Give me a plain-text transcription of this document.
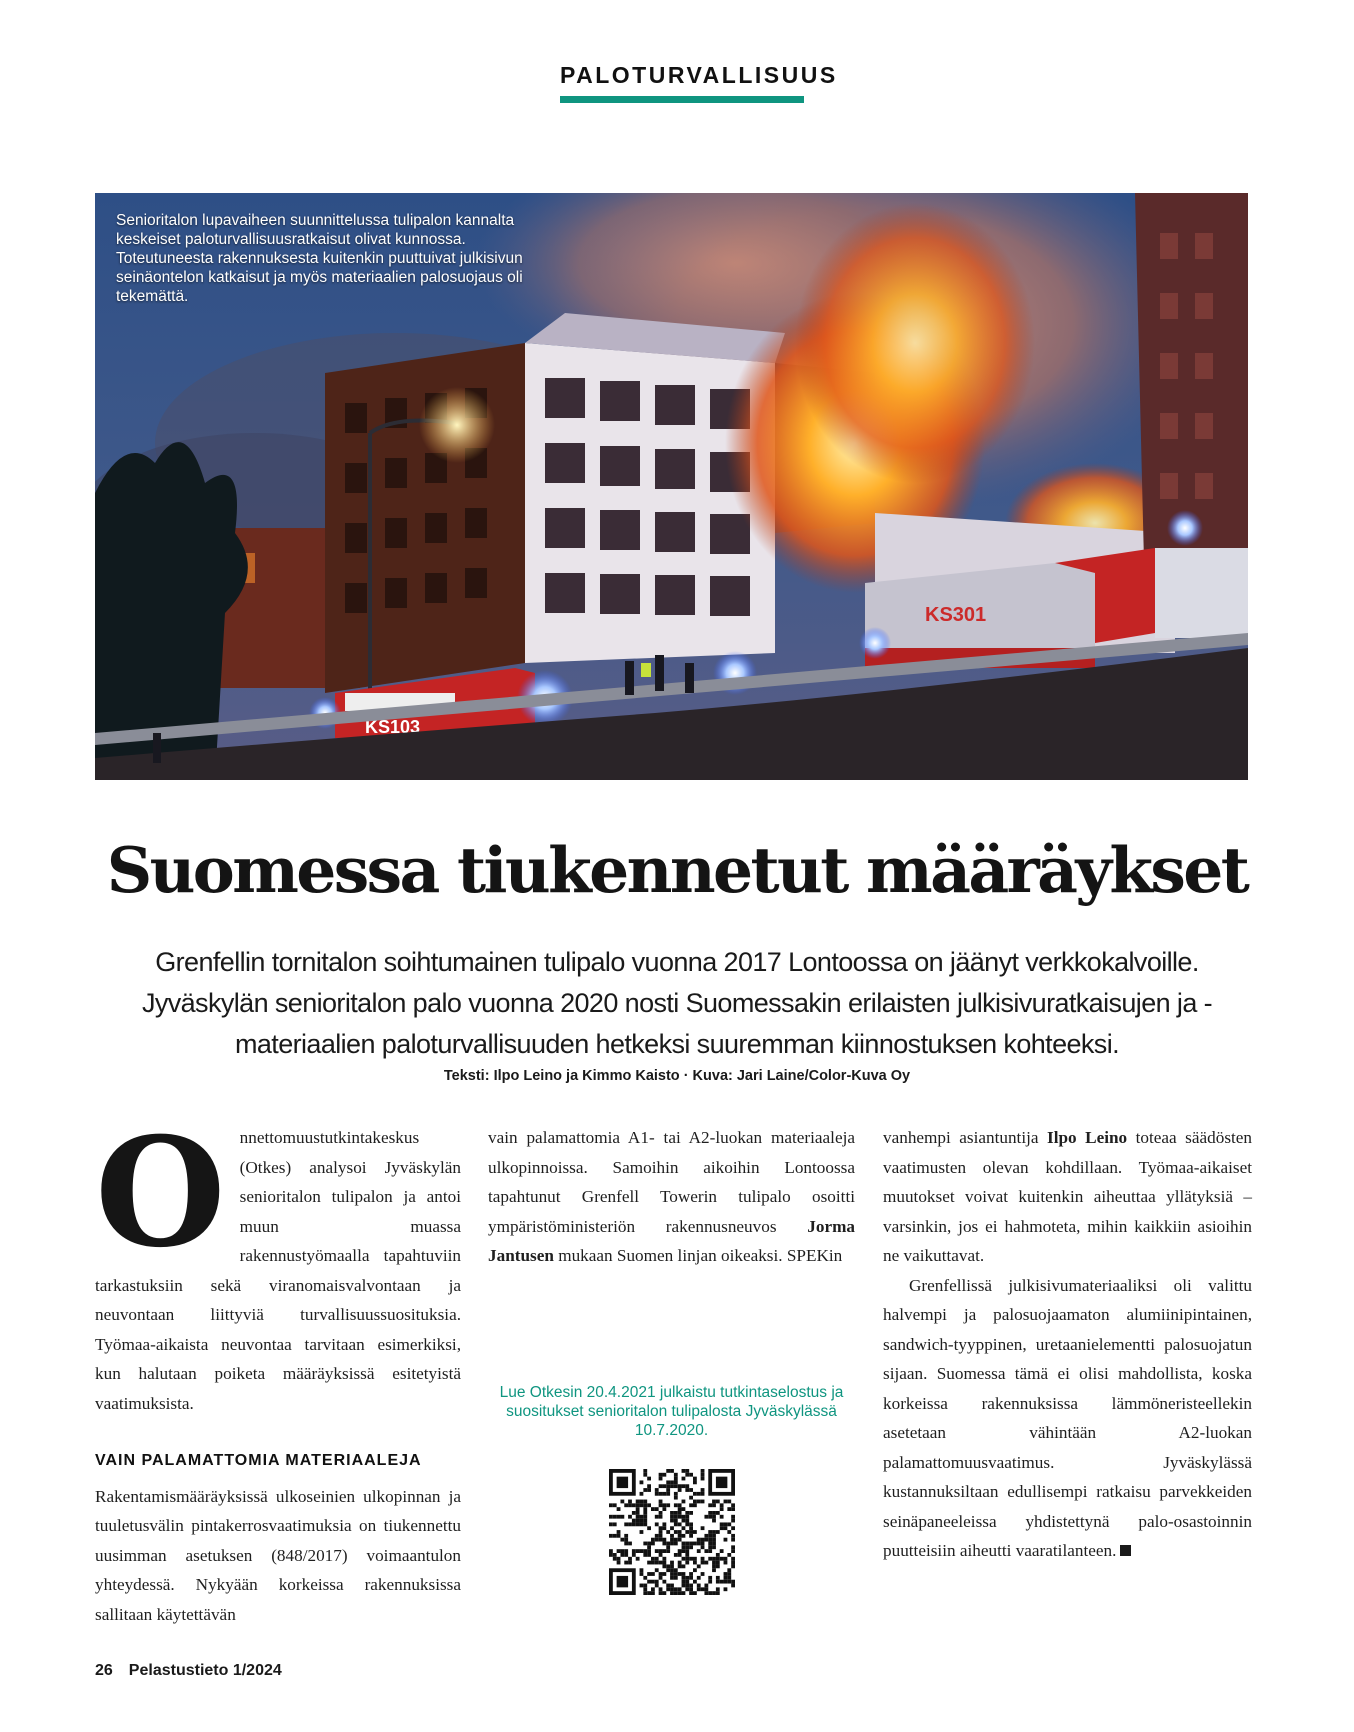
PALOTURVALLISUUS
KS301
KS103
Senioritalon lupavaiheen suunnittelussa tulipalon kannalta keskeiset paloturvallisuusratkaisut olivat kunnossa. Toteutuneesta rakennuksesta kuitenkin puuttuivat julkisivun seinäontelon katkaisut ja myös materiaalien palosuojaus oli tekemättä.
Suomessa tiukennetut määräykset

Grenfellin tornitalon soihtumainen tulipalo vuonna 2017 Lontoossa on jäänyt verkkokalvoille. Jyväskylän senioritalon palo vuonna 2020 nosti Suomessakin erilaisten julkisivuratkaisujen ja -materiaalien paloturvallisuuden hetkeksi suuremman kiinnostuksen kohteeksi.

Teksti: Ilpo Leino ja Kimmo Kaisto · Kuva: Jari Laine/Color-Kuva Oy
O nnettomuustutkintakeskus (Otkes) analysoi Jyväskylän senioritalon tulipalon ja antoi muun muassa rakennustyömaalla tapahtuviin tarkastuksiin sekä viranomaisvalvontaan ja neuvontaan liittyviä turvallisuussuosituksia. Työmaa-aikaista neuvontaa tarvitaan esimerkiksi, kun halutaan poiketa määräyksissä esitetyistä vaatimuksista.

VAIN PALAMATTOMIA MATERIAALEJA

Rakentamismääräyksissä ulkoseinien ulkopinnan ja tuuletusvälin pintakerrosvaatimuksia on tiukennettu uusimman asetuksen (848/2017) voimaantulon yhteydessä. Nykyään korkeissa rakennuksissa sallitaan käytettävän

vain palamattomia A1- tai A2-luokan materiaaleja ulkopinnoissa. Samoihin aikoihin Lontoossa tapahtunut Grenfell Towerin tulipalo osoitti ympäristöministeriön rakennusneuvos Jorma Jantusen mukaan Suomen linjan oikeaksi. SPEKin

Lue Otkesin 20.4.2021 julkaistu tutkintaselostus ja suositukset senioritalon tulipalosta Jyväskylässä 10.7.2020.

vanhempi asiantuntija Ilpo Leino toteaa säädösten vaatimusten olevan kohdillaan. Työmaa-aikaiset muutokset voivat kuitenkin aiheuttaa yllätyksiä – varsinkin, jos ei hahmoteta, mihin kaikkiin asioihin ne vaikuttavat.

Grenfellissä julkisivumateriaaliksi oli valittu halvempi ja palosuojaamaton alumiinipintainen, sandwich-tyyppinen, uretaanielementti palosuojatun sijaan. Suomessa tämä ei olisi mahdollista, koska korkeissa rakennuksissa lämmöneristeellekin asetetaan vähintään A2-luokan palamattomuusvaatimus. Jyväskylässä kustannuksiltaan edullisempi ratkaisu parvekkeiden seinäpaneeleissa yhdistettynä palo-osastoinnin puutteisiin aiheutti vaaratilanteen.

26 Pelastustieto 1/2024
